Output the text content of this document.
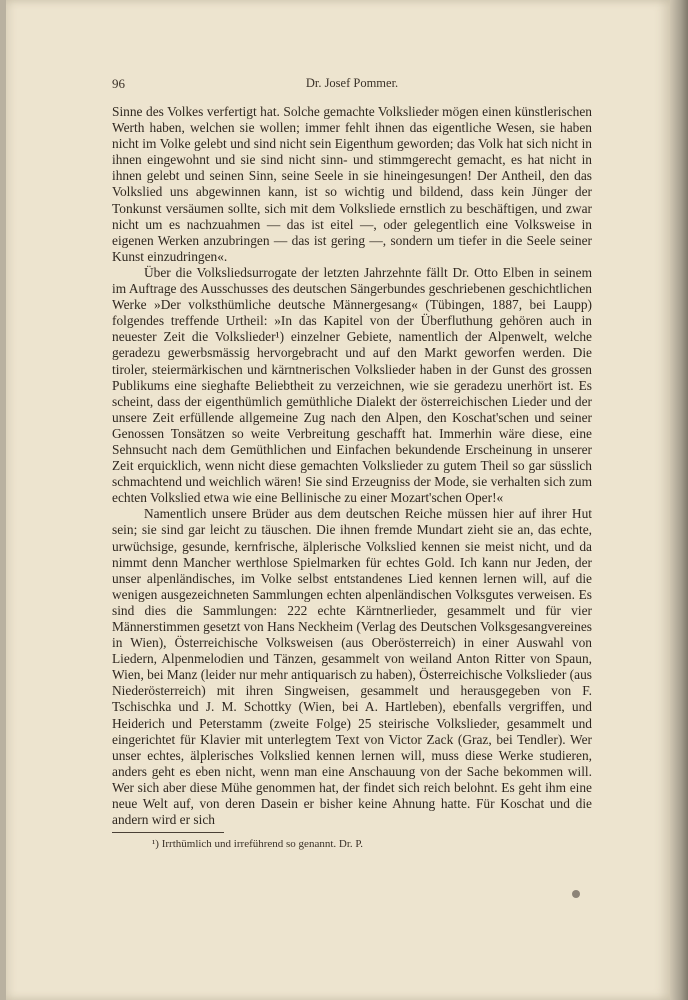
96	Dr. Josef Pommer.

Sinne des Volkes verfertigt hat. Solche gemachte Volkslieder mögen einen künstlerischen Werth haben, welchen sie wollen; immer fehlt ihnen das eigentliche Wesen, sie haben nicht im Volke gelebt und sind nicht sein Eigenthum geworden; das Volk hat sich nicht in ihnen eingewohnt und sie sind nicht sinn- und stimmgerecht gemacht, es hat nicht in ihnen gelebt und seinen Sinn, seine Seele in sie hineingesungen! Der Antheil, den das Volkslied uns abgewinnen kann, ist so wichtig und bildend, dass kein Jünger der Tonkunst versäumen sollte, sich mit dem Volksliede ernstlich zu beschäftigen, und zwar nicht um es nachzuahmen — das ist eitel —, oder gelegentlich eine Volksweise in eigenen Werken anzubringen — das ist gering —, sondern um tiefer in die Seele seiner Kunst einzudringen«.

Über die Volksliedsurrogate der letzten Jahrzehnte fällt Dr. Otto Elben in seinem im Auftrage des Ausschusses des deutschen Sängerbundes geschriebenen geschichtlichen Werke »Der volksthümliche deutsche Männergesang« (Tübingen, 1887, bei Laupp) folgendes treffende Urtheil: »In das Kapitel von der Überfluthung gehören auch in neuester Zeit die Volkslieder¹) einzelner Gebiete, namentlich der Alpenwelt, welche geradezu gewerbsmässig hervorgebracht und auf den Markt geworfen werden. Die tiroler, steiermärkischen und kärntnerischen Volkslieder haben in der Gunst des grossen Publikums eine sieghafte Beliebtheit zu verzeichnen, wie sie geradezu unerhört ist. Es scheint, dass der eigenthümlich gemüthliche Dialekt der österreichischen Lieder und der unsere Zeit erfüllende allgemeine Zug nach den Alpen, den Koschat'schen und seiner Genossen Tonsätzen so weite Verbreitung geschafft hat. Immerhin wäre diese, eine Sehnsucht nach dem Gemüthlichen und Einfachen bekundende Erscheinung in unserer Zeit erquicklich, wenn nicht diese gemachten Volkslieder zu gutem Theil so gar süsslich schmachtend und weichlich wären! Sie sind Erzeugniss der Mode, sie verhalten sich zum echten Volkslied etwa wie eine Bellinische zu einer Mozart'schen Oper!«

Namentlich unsere Brüder aus dem deutschen Reiche müssen hier auf ihrer Hut sein; sie sind gar leicht zu täuschen. Die ihnen fremde Mundart zieht sie an, das echte, urwüchsige, gesunde, kernfrische, älplerische Volkslied kennen sie meist nicht, und da nimmt denn Mancher werthlose Spielmarken für echtes Gold. Ich kann nur Jeden, der unser alpenländisches, im Volke selbst entstandenes Lied kennen lernen will, auf die wenigen ausgezeichneten Sammlungen echten alpenländischen Volksgutes verweisen. Es sind dies die Sammlungen: 222 echte Kärntnerlieder, gesammelt und für vier Männerstimmen gesetzt von Hans Neckheim (Verlag des Deutschen Volksgesangvereines in Wien), Österreichische Volksweisen (aus Oberösterreich) in einer Auswahl von Liedern, Alpenmelodien und Tänzen, gesammelt von weiland Anton Ritter von Spaun, Wien, bei Manz (leider nur mehr antiquarisch zu haben), Österreichische Volkslieder (aus Niederösterreich) mit ihren Singweisen, gesammelt und herausgegeben von F. Tschischka und J. M. Schottky (Wien, bei A. Hartleben), ebenfalls vergriffen, und Heiderich und Peterstamm (zweite Folge) 25 steirische Volkslieder, gesammelt und eingerichtet für Klavier mit unterlegtem Text von Victor Zack (Graz, bei Tendler). Wer unser echtes, älplerisches Volkslied kennen lernen will, muss diese Werke studieren, anders geht es eben nicht, wenn man eine Anschauung von der Sache bekommen will. Wer sich aber diese Mühe genommen hat, der findet sich reich belohnt. Es geht ihm eine neue Welt auf, von deren Dasein er bisher keine Ahnung hatte. Für Koschat und die andern wird er sich

¹) Irrthümlich und irreführend so genannt. Dr. P.
